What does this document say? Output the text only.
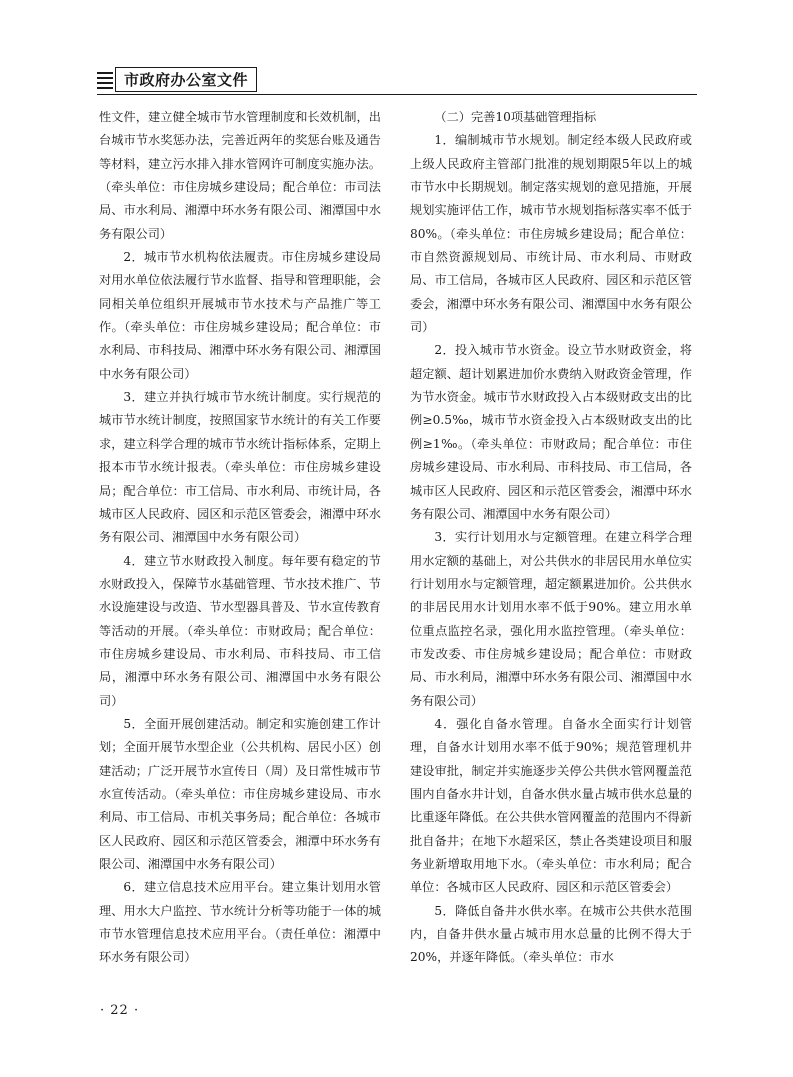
市政府办公室文件

性文件，建立健全城市节水管理制度和长效机制，出台城市节水奖惩办法，完善近两年的奖惩台账及通告等材料，建立污水排入排水管网许可制度实施办法。（牵头单位：市住房城乡建设局；配合单位：市司法局、市水利局、湘潭中环水务有限公司、湘潭国中水务有限公司）

2．城市节水机构依法履责。市住房城乡建设局对用水单位依法履行节水监督、指导和管理职能，会同相关单位组织开展城市节水技术与产品推广等工作。（牵头单位：市住房城乡建设局；配合单位：市水利局、市科技局、湘潭中环水务有限公司、湘潭国中水务有限公司）

3．建立并执行城市节水统计制度。实行规范的城市节水统计制度，按照国家节水统计的有关工作要求，建立科学合理的城市节水统计指标体系，定期上报本市节水统计报表。（牵头单位：市住房城乡建设局；配合单位：市工信局、市水利局、市统计局，各城市区人民政府、园区和示范区管委会，湘潭中环水务有限公司、湘潭国中水务有限公司）

4．建立节水财政投入制度。每年要有稳定的节水财政投入，保障节水基础管理、节水技术推广、节水设施建设与改造、节水型器具普及、节水宣传教育等活动的开展。（牵头单位：市财政局；配合单位：市住房城乡建设局、市水利局、市科技局、市工信局，湘潭中环水务有限公司、湘潭国中水务有限公司）

5．全面开展创建活动。制定和实施创建工作计划；全面开展节水型企业（公共机构、居民小区）创建活动；广泛开展节水宣传日（周）及日常性城市节水宣传活动。（牵头单位：市住房城乡建设局、市水利局、市工信局、市机关事务局；配合单位：各城市区人民政府、园区和示范区管委会，湘潭中环水务有限公司、湘潭国中水务有限公司）

6．建立信息技术应用平台。建立集计划用水管理、用水大户监控、节水统计分析等功能于一体的城市节水管理信息技术应用平台。（责任单位：湘潭中环水务有限公司）

（二）完善10项基础管理指标

1．编制城市节水规划。制定经本级人民政府或上级人民政府主管部门批准的规划期限5年以上的城市节水中长期规划。制定落实规划的意见措施，开展规划实施评估工作，城市节水规划指标落实率不低于80%。（牵头单位：市住房城乡建设局；配合单位：市自然资源规划局、市统计局、市水利局、市财政局、市工信局，各城市区人民政府、园区和示范区管委会，湘潭中环水务有限公司、湘潭国中水务有限公司）

2．投入城市节水资金。设立节水财政资金，将超定额、超计划累进加价水费纳入财政资金管理，作为节水资金。城市节水财政投入占本级财政支出的比例≥0.5‰，城市节水资金投入占本级财政支出的比例≥1‰。（牵头单位：市财政局；配合单位：市住房城乡建设局、市水利局、市科技局、市工信局，各城市区人民政府、园区和示范区管委会，湘潭中环水务有限公司、湘潭国中水务有限公司）

3．实行计划用水与定额管理。在建立科学合理用水定额的基础上，对公共供水的非居民用水单位实行计划用水与定额管理，超定额累进加价。公共供水的非居民用水计划用水率不低于90%。建立用水单位重点监控名录，强化用水监控管理。（牵头单位：市发改委、市住房城乡建设局；配合单位：市财政局、市水利局，湘潭中环水务有限公司、湘潭国中水务有限公司）

4．强化自备水管理。自备水全面实行计划管理，自备水计划用水率不低于90%；规范管理机井建设审批，制定并实施逐步关停公共供水管网覆盖范围内自备水井计划，自备水供水量占城市供水总量的比重逐年降低。在公共供水管网覆盖的范围内不得新批自备井；在地下水超采区，禁止各类建设项目和服务业新增取用地下水。（牵头单位：市水利局；配合单位：各城市区人民政府、园区和示范区管委会）

5．降低自备井水供水率。在城市公共供水范围内，自备井供水量占城市用水总量的比例不得大于20%，并逐年降低。（牵头单位：市水

· 22 ·
